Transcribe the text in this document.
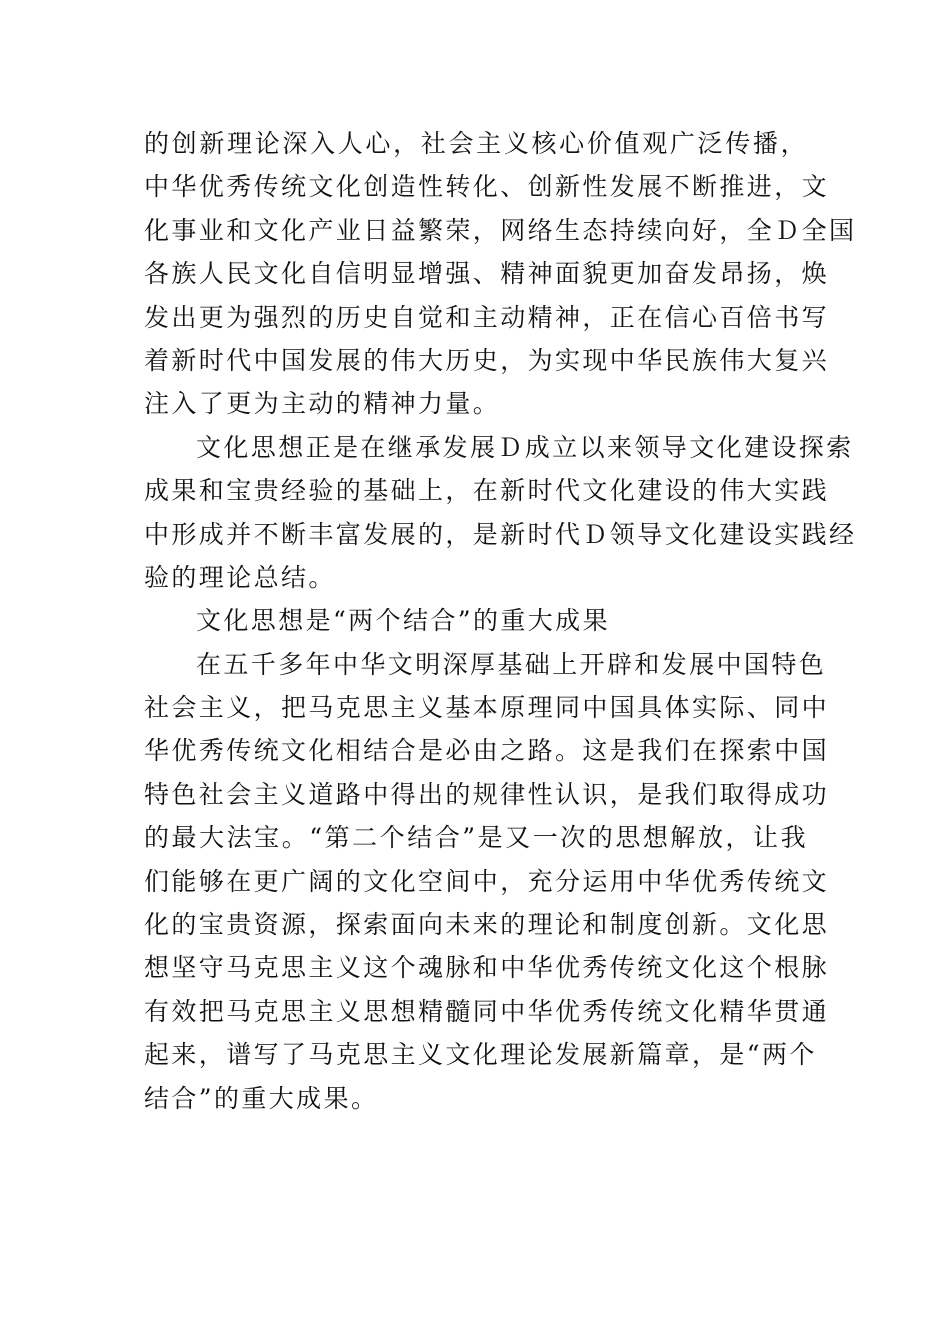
的创新理论深入人心，社会主义核心价值观广泛传播，
中华优秀传统文化创造性转化、创新性发展不断推进，文
化事业和文化产业日益繁荣，网络生态持续向好，全Ｄ全国
各族人民文化自信明显增强、精神面貌更加奋发昂扬，焕
发出更为强烈的历史自觉和主动精神，正在信心百倍书写
着新时代中国发展的伟大历史，为实现中华民族伟大复兴
注入了更为主动的精神力量。
文化思想正是在继承发展Ｄ成立以来领导文化建设探索
成果和宝贵经验的基础上，在新时代文化建设的伟大实践
中形成并不断丰富发展的，是新时代Ｄ领导文化建设实践经
验的理论总结。
文化思想是“两个结合”的重大成果
在五千多年中华文明深厚基础上开辟和发展中国特色
社会主义，把马克思主义基本原理同中国具体实际、同中
华优秀传统文化相结合是必由之路。这是我们在探索中国
特色社会主义道路中得出的规律性认识，是我们取得成功
的最大法宝。“第二个结合”是又一次的思想解放，让我
们能够在更广阔的文化空间中，充分运用中华优秀传统文
化的宝贵资源，探索面向未来的理论和制度创新。文化思
想坚守马克思主义这个魂脉和中华优秀传统文化这个根脉
有效把马克思主义思想精髓同中华优秀传统文化精华贯通
起来，谱写了马克思主义文化理论发展新篇章，是“两个
结合”的重大成果。
